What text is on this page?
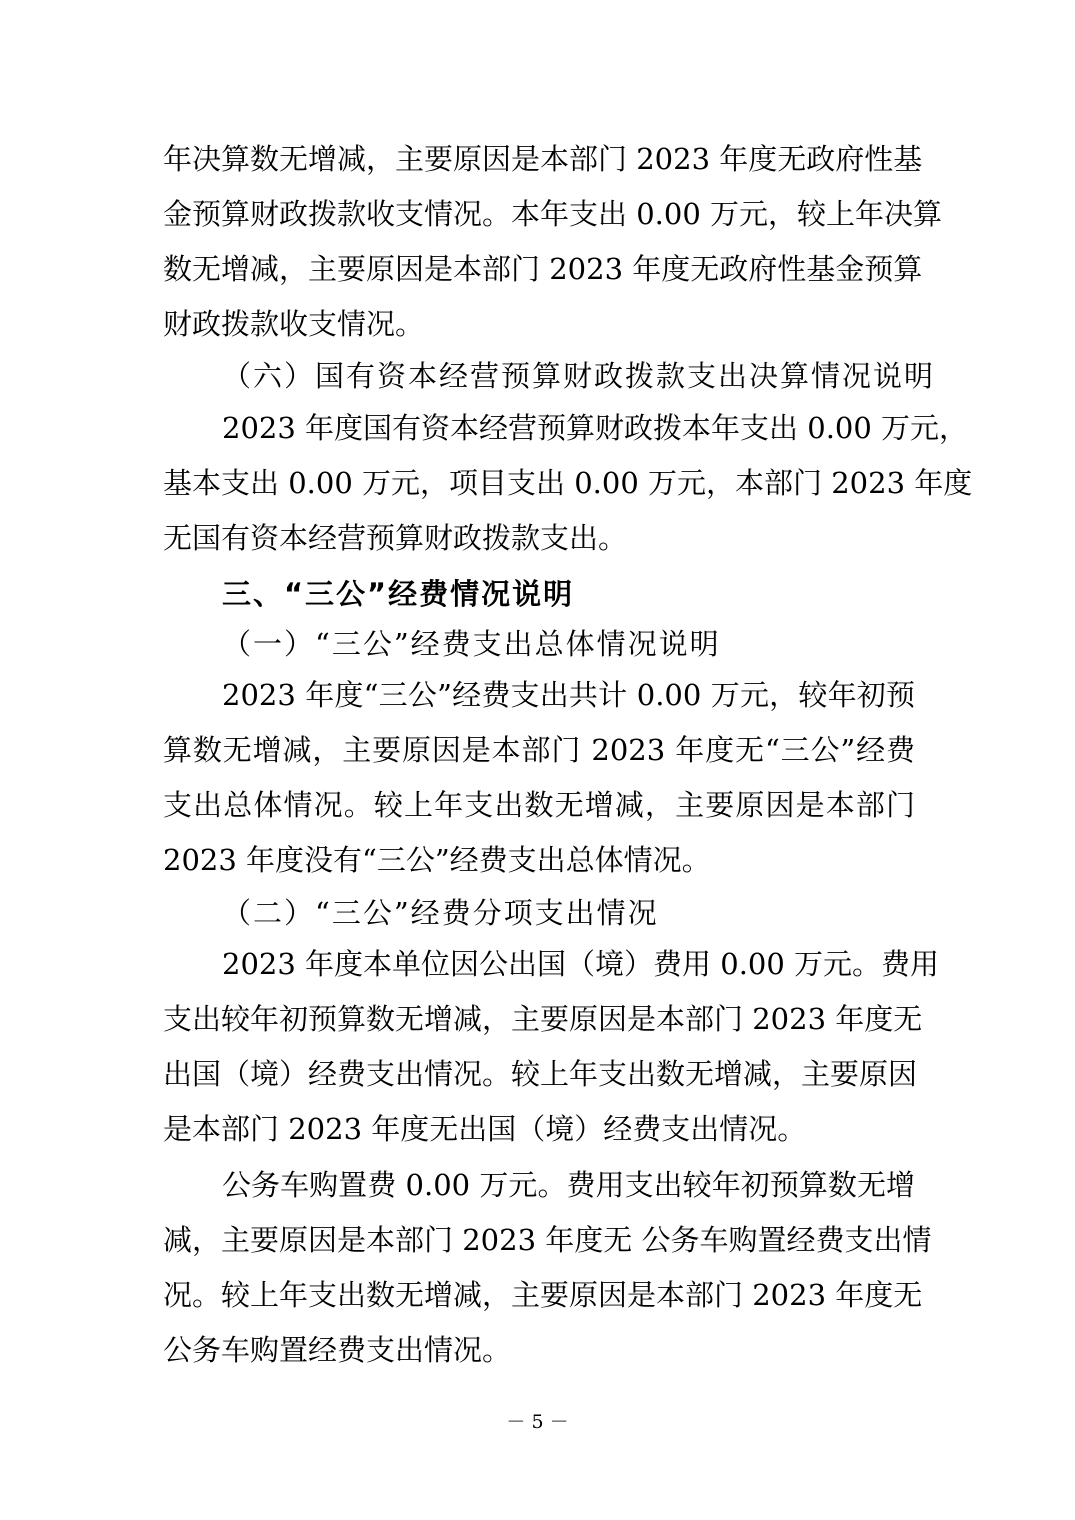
年决算数无增减，主要原因是本部门 2023 年度无政府性基
金预算财政拨款收支情况。本年支出 0.00 万元，较上年决算
数无增减，主要原因是本部门 2023 年度无政府性基金预算
财政拨款收支情况。
（六）国有资本经营预算财政拨款支出决算情况说明
2023 年度国有资本经营预算财政拨本年支出 0.00 万元，
基本支出 0.00 万元，项目支出 0.00 万元，本部门 2023 年度
无国有资本经营预算财政拨款支出。
三、“三公”经费情况说明
（一）“三公”经费支出总体情况说明
2023 年度“三公”经费支出共计 0.00 万元，较年初预
算数无增减，主要原因是本部门 2023 年度无“三公”经费
支出总体情况。较上年支出数无增减，主要原因是本部门
2023 年度没有“三公”经费支出总体情况。
（二）“三公”经费分项支出情况
2023 年度本单位因公出国（境）费用 0.00 万元。费用
支出较年初预算数无增减，主要原因是本部门 2023 年度无
出国（境）经费支出情况。较上年支出数无增减，主要原因
是本部门 2023 年度无出国（境）经费支出情况。
公务车购置费 0.00 万元。费用支出较年初预算数无增
减，主要原因是本部门 2023 年度无 公务车购置经费支出情
况。较上年支出数无增减，主要原因是本部门 2023 年度无
公务车购置经费支出情况。
－ 5 －
